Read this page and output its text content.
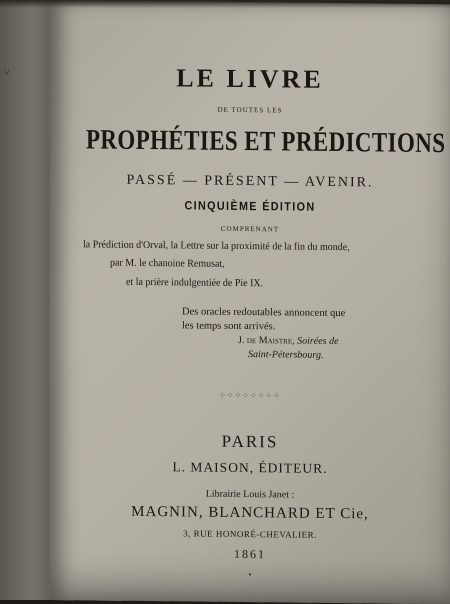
˅	LE LIVRE
DE TOUTES LES
PROPHÉTIES ET PRÉDICTIONS
PASSÉ — PRÉSENT — AVENIR.
CINQUIÈME ÉDITION
COMPRENANT
la Prédiction d'Orval, la Lettre sur la proximité de la fin du monde,
par M. le chanoine Remusat,
et la prière indulgentiée de Pie IX.
Des oracles redoutables annoncent que
les temps sont arrivés.
J. de Maistre, Soirées de
Saint-Pétersbourg.
⁘⁘⁘⁘⁘⁘⁘⁘
PARIS
L. MAISON, ÉDITEUR.
Librairie Louis Janet :
MAGNIN, BLANCHARD ET Cie,
3, RUE HONORÉ-CHEVALIER.
1861
•
